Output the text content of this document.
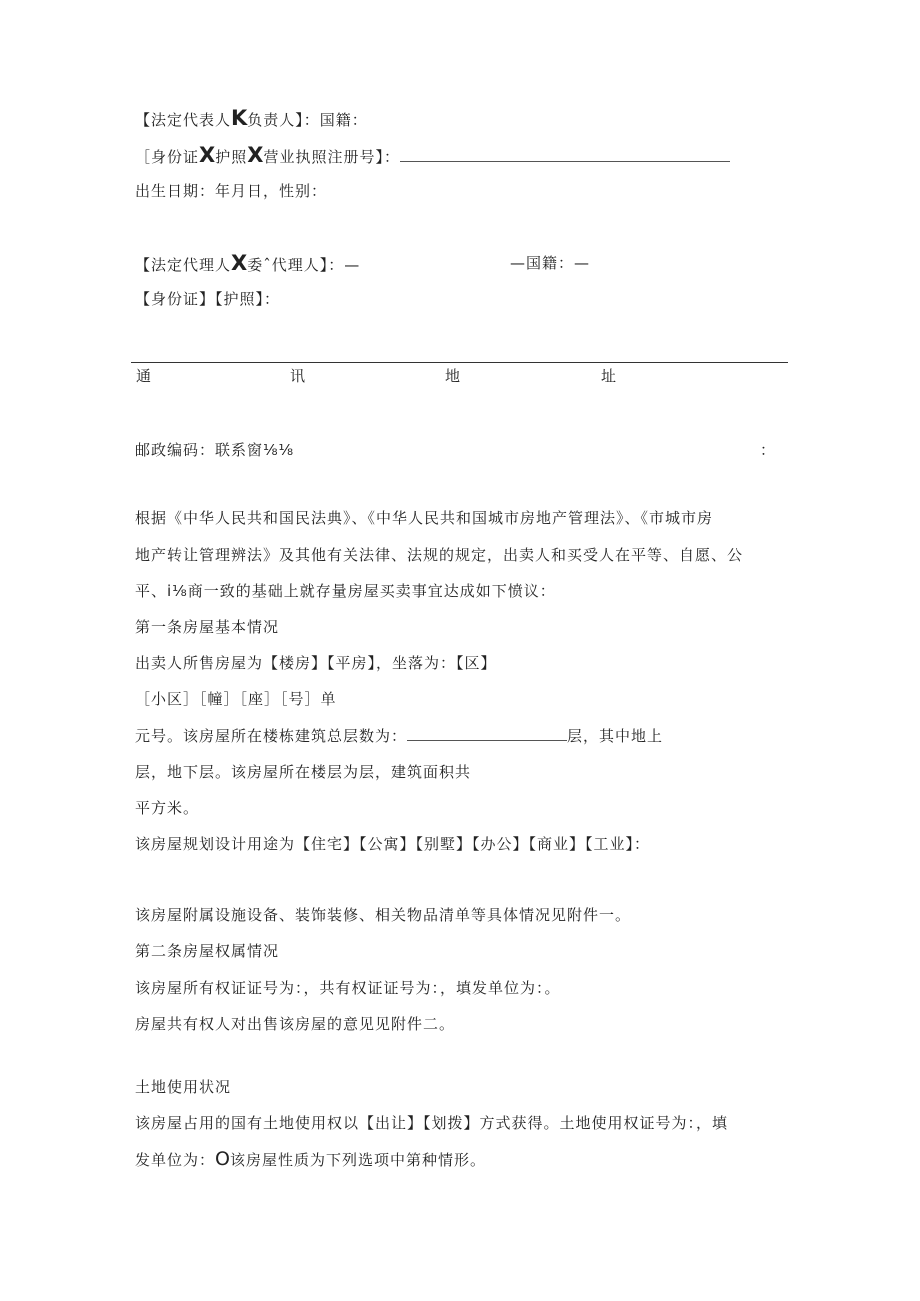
【法定代表人K负责人】：国籍：
［身份证X护照X营业执照注册号】：
出生日期：年月日，性别：
【法定代理人X委ˆ代理人】：—	—国籍：—
【身份证】【护照】：
通	讯	地	址
邮政编码：联系窗⅛⅛	：
根据《中华人民共和国民法典》、《中华人民共和国城市房地产管理法》、《市城市房
地产转让管理辨法》及其他有关法律、法规的规定，出卖人和买受人在平等、自愿、公
平、i⅛商一致的基础上就存量房屋买卖事宜达成如下愤议：
第一条房屋基本情况
出卖人所售房屋为【楼房】【平房】，坐落为：【区】
［小区］［幢］［座］［号］单
元号。该房屋所在楼栋建筑总层数为：	层，其中地上
层，地下层。该房屋所在楼层为层，建筑面积共
平方米。
该房屋规划设计用途为【住宅】【公寓】【别墅】【办公】【商业】【工业】：
该房屋附属设施设备、装饰装修、相关物品清单等具体情况见附件一。
第二条房屋权属情况
该房屋所有权证证号为：，共有权证证号为：，填发单位为：。
房屋共有权人对出售该房屋的意见见附件二。
土地使用状况
该房屋占用的国有土地使用权以【出让】【划拨】方式获得。土地使用权证号为：，填
发单位为：O该房屋性质为下列选项中第种情形。
